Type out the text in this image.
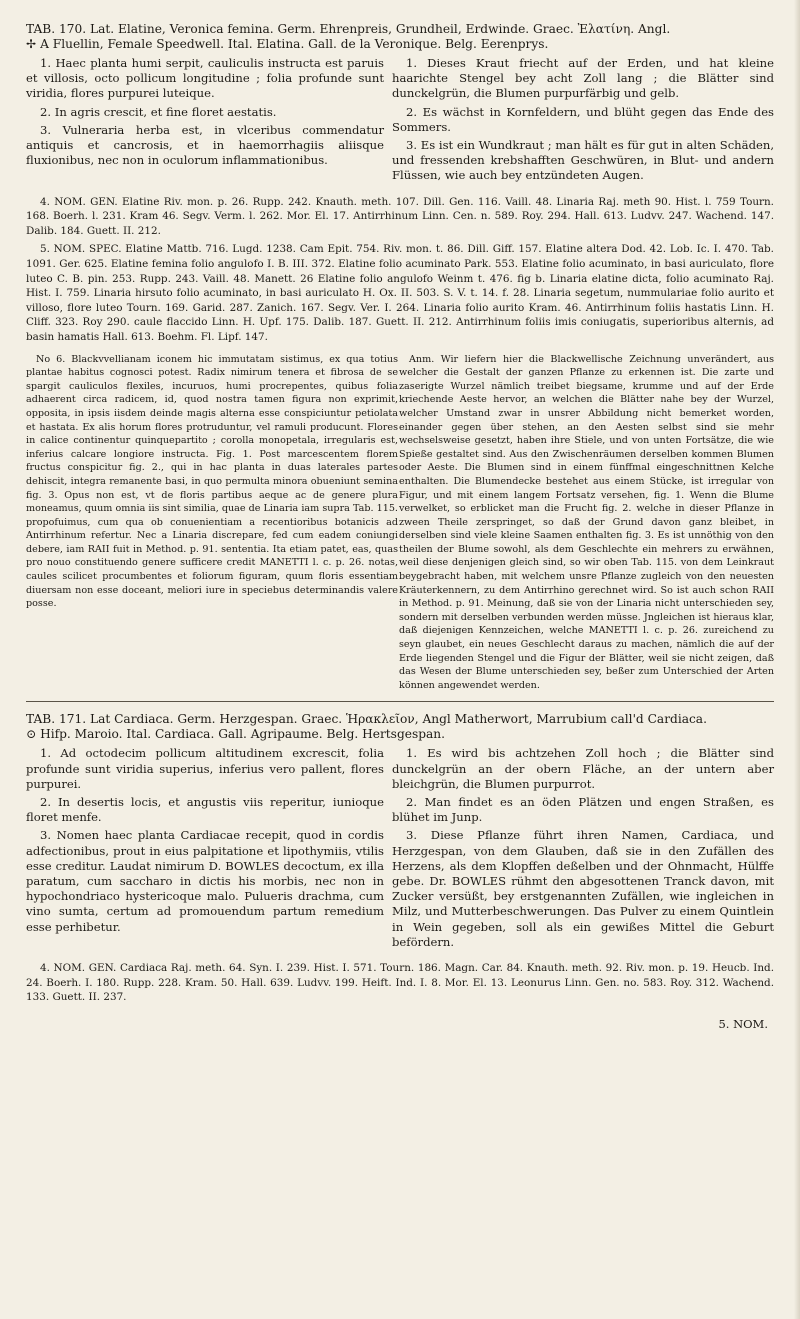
TAB. 170. Lat. Elatine, Veronica femina. Germ. Ehrenpreis, Grundheil, Erdwinde. Graec. Ἐλατίνη. Angl.
✢ A Fluellin, Female Speedwell. Ital. Elatina. Gall. de la Veronique. Belg. Eerenprys.

1. Haec planta humi serpit, cauliculis instructa est paruis et villosis, octo pollicum longitudine ; folia profunde sunt viridia, flores purpurei luteique.

2. In agris crescit, et fine floret aestatis.

3. Vulneraria herba est, in vlceribus commendatur antiquis et cancrosis, et in haemorrhagiis aliisque fluxionibus, nec non in oculorum inflammationibus.

1. Dieses Kraut friecht auf der Erden, und hat kleine haarichte Stengel bey acht Zoll lang ; die Blätter sind dunckelgrün, die Blumen purpurfärbig und gelb.

2. Es wächst in Kornfeldern, und blüht gegen das Ende des Sommers.

3. Es ist ein Wundkraut ; man hält es für gut in alten Schäden, und fressenden krebshafften Geschwüren, in Blut- und andern Flüssen, wie auch bey entzündeten Augen.

4. NOM. GEN. Elatine Riv. mon. p. 26. Rupp. 242. Knauth. meth. 107. Dill. Gen. 116. Vaill. 48. Linaria Raj. meth 90. Hist. l. 759 Tourn. 168. Boerh. l. 231. Kram 46. Segv. Verm. l. 262. Mor. El. 17. Antirrhinum Linn. Cen. n. 589. Roy. 294. Hall. 613. Ludvv. 247. Wachend. 147. Dalib. 184. Guett. II. 212.
5. NOM. SPEC. Elatine Mattb. 716. Lugd. 1238. Cam Epit. 754. Riv. mon. t. 86. Dill. Giff. 157. Elatine altera Dod. 42. Lob. Ic. I. 470. Tab. 1091. Ger. 625. Elatine femina folio angulofo I. B. III. 372. Elatine folio acuminato Park. 553. Elatine folio acuminato, in basi auriculato, flore luteo C. B. pin. 253. Rupp. 243. Vaill. 48. Manett. 26 Elatine folio angulofo Weinm t. 476. fig b. Linaria elatine dicta, folio acuminato Raj. Hist. I. 759. Linaria hirsuto folio acuminato, in basi auriculato H. Ox. II. 503. S. V. t. 14. f. 28. Linaria segetum, nummulariae folio aurito et villoso, flore luteo Tourn. 169. Garid. 287. Zanich. 167. Segv. Ver. I. 264. Linaria folio aurito Kram. 46. Antirrhinum foliis hastatis Linn. H. Cliff. 323. Roy 290. caule flaccido Linn. H. Upf. 175. Dalib. 187. Guett. II. 212. Antirrhinum foliis imis coniugatis, superioribus alternis, ad basin hamatis Hall. 613. Boehm. Fl. Lipf. 147.
No 6. Blackvvellianam iconem hic immutatam sistimus, ex qua totius plantae habitus cognosci potest. Radix nimirum tenera et fibrosa de se spargit cauliculos flexiles, incuruos, humi procrepentes, quibus folia adhaerent circa radicem, id, quod nostra tamen figura non exprimit, opposita, in ipsis iisdem deinde magis alterna esse conspiciuntur petiolata et hastata. Ex alis horum flores protruduntur, vel ramuli producunt. Flores in calice continentur quinquepartito ; corolla monopetala, irregularis est, inferius calcare longiore instructa. Fig. 1. Post marcescentem florem fructus conspicitur fig. 2., qui in hac planta in duas laterales partes dehiscit, integra remanente basi, in quo permulta minora obueniunt semina fig. 3. Opus non est, vt de floris partibus aeque ac de genere plura moneamus, quum omnia iis sint similia, quae de Linaria iam supra Tab. 115. propofuimus, cum qua ob conuenientiam a recentioribus botanicis ad Antirrhinum refertur. Nec a Linaria discrepare, fed cum eadem coniungi debere, iam RAII fuit in Method. p. 91. sententia. Ita etiam patet, eas, quas pro nouo constituendo genere sufficere credit MANETTI l. c. p. 26. notas, caules scilicet procumbentes et foliorum figuram, quum floris essentiam diuersam non esse doceant, meliori iure in speciebus determinandis valere posse.
Anm. Wir liefern hier die Blackwellische Zeichnung unverändert, aus welcher die Gestalt der ganzen Pflanze zu erkennen ist. Die zarte und zaserigte Wurzel nämlich treibet biegsame, krumme und auf der Erde kriechende Aeste hervor, an welchen die Blätter nahe bey der Wurzel, welcher Umstand zwar in unsrer Abbildung nicht bemerket worden, einander gegen über stehen, an den Aesten selbst sind sie mehr wechselsweise gesetzt, haben ihre Stiele, und von unten Fortsätze, die wie Spieße gestaltet sind. Aus den Zwischenräumen derselben kommen Blumen oder Aeste. Die Blumen sind in einem fünffmal eingeschnittnen Kelche enthalten. Die Blumendecke bestehet aus einem Stücke, ist irregular von Figur, und mit einem langem Fortsatz versehen, fig. 1. Wenn die Blume verwelket, so erblicket man die Frucht fig. 2. welche in dieser Pflanze in zween Theile zerspringet, so daß der Grund davon ganz bleibet, in derselben sind viele kleine Saamen enthalten fig. 3. Es ist unnöthig von den theilen der Blume sowohl, als dem Geschlechte ein mehrers zu erwähnen, weil diese denjenigen gleich sind, so wir oben Tab. 115. von dem Leinkraut beygebracht haben, mit welchem unsre Pflanze zugleich von den neuesten Kräuterkennern, zu dem Antirrhino gerechnet wird. So ist auch schon RAII in Method. p. 91. Meinung, daß sie von der Linaria nicht unterschieden sey, sondern mit derselben verbunden werden müsse. Jngleichen ist hieraus klar, daß diejenigen Kennzeichen, welche MANETTI l. c. p. 26. zureichend zu seyn glaubet, ein neues Geschlecht daraus zu machen, nämlich die auf der Erde liegenden Stengel und die Figur der Blätter, weil sie nicht zeigen, daß das Wesen der Blume unterschieden sey, beßer zum Unterschied der Arten können angewendet werden.
TAB. 171. Lat Cardiaca. Germ. Herzgespan. Graec. Ἡρακλεῖον, Angl Matherwort, Marrubium call'd Cardiaca.
⊙ Hifp. Maroio. Ital. Cardiaca. Gall. Agripaume. Belg. Hertsgespan.

1. Ad octodecim pollicum altitudinem excrescit, folia profunde sunt viridia superius, inferius vero pallent, flores purpurei.

2. In desertis locis, et angustis viis reperitur, iunioque floret menfe.

3. Nomen haec planta Cardiacae recepit, quod in cordis adfectionibus, prout in eius palpitatione et lipothymiis, vtilis esse creditur. Laudat nimirum D. BOWLES decoctum, ex illa paratum, cum saccharo in dictis his morbis, nec non in hypochondriaco hystericoque malo. Pulueris drachma, cum vino sumta, certum ad promouendum partum remedium esse perhibetur.

1. Es wird bis achtzehen Zoll hoch ; die Blätter sind dunckelgrün an der obern Fläche, an der untern aber bleichgrün, die Blumen purpurrot.

2. Man findet es an öden Plätzen und engen Straßen, es blühet im Junp.

3. Diese Pflanze führt ihren Namen, Cardiaca, und Herzgespan, von dem Glauben, daß sie in den Zufällen des Herzens, als dem Klopffen deßelben und der Ohnmacht, Hülffe gebe. Dr. BOWLES rühmt den abgesottenen Tranck davon, mit Zucker versüßt, bey erstgenannten Zufällen, wie ingleichen in Milz, und Mutterbeschwerungen. Das Pulver zu einem Quintlein in Wein gegeben, soll als ein gewißes Mittel die Geburt befördern.

4. NOM. GEN. Cardiaca Raj. meth. 64. Syn. I. 239. Hist. I. 571. Tourn. 186. Magn. Car. 84. Knauth. meth. 92. Riv. mon. p. 19. Heucb. Ind. 24. Boerh. I. 180. Rupp. 228. Kram. 50. Hall. 639. Ludvv. 199. Heift. Ind. I. 8. Mor. El. 13. Leonurus Linn. Gen. no. 583. Roy. 312. Wachend. 133. Guett. II. 237.
5. NOM.
